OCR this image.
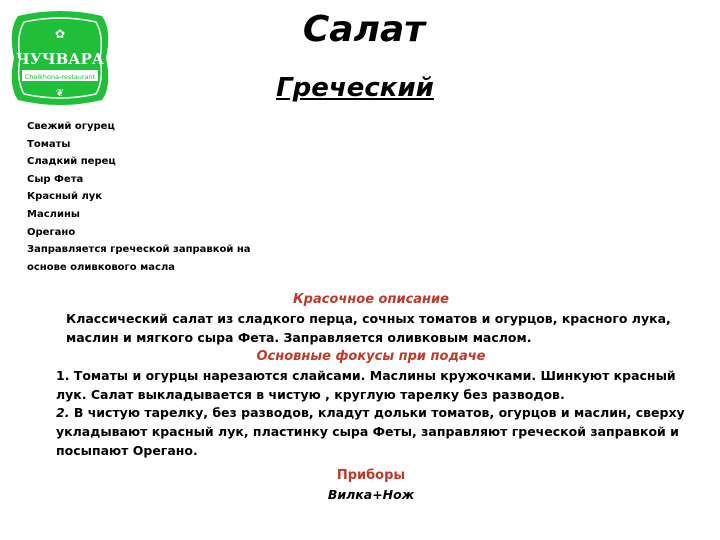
✿
ЧУЧВАРА
Chaikhona-restaurant
❦
Салат
Греческий
Свежий огурец
Томаты
Сладкий перец
Сыр Фета
Красный лук
Маслины
Орегано
Заправляется греческой заправкой на основе оливкового масла
Красочное описание

Классический салат из сладкого перца, сочных томатов и огурцов, красного лука, маслин и мягкого сыра Фета. Заправляется оливковым маслом.

Основные фокусы при подаче

1. Томаты и огурцы нарезаются слайсами. Маслины кружочками. Шинкуют красный лук. Салат выкладывается в чистую , круглую тарелку без разводов.

2. В чистую тарелку, без разводов, кладут дольки томатов, огурцов и маслин, сверху укладывают красный лук, пластинку сыра Феты, заправляют греческой заправкой и посыпают Орегано.

Приборы
Вилка+Нож
